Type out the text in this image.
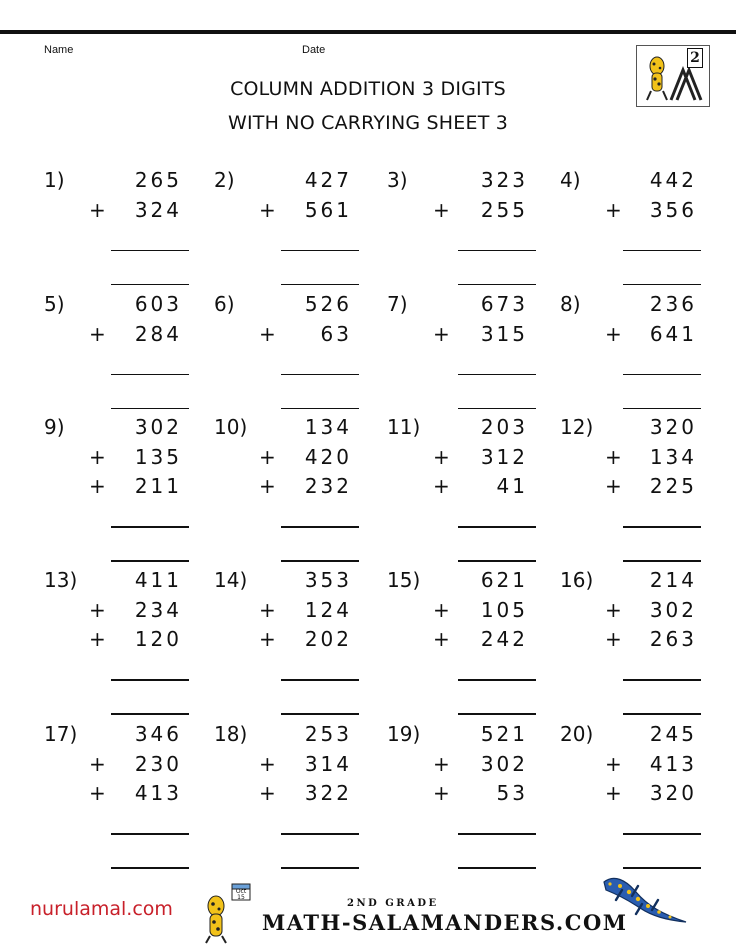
Name	Date
COLUMN ADDITION 3 DIGITS
WITH NO CARRYING SHEET 3
2
1)	265
324
+
2)	427
561
+
3)	323
255
+
4)	442
356
+
5)	603
284
+
6)	526
63
+
7)	673
315
+
8)	236
641
+
9)	302
135
+
211
+
10)	134
420
+
232
+
11)	203
312
+
41
+
12)	320
134
+
225
+
13)	411
234
+
120
+
14)	353
124
+
202
+
15)	621
105
+
242
+
16)	214
302
+
263
+
17)	346
230
+
413
+
18)	253
314
+
322
+
19)	521
302
+
53
+
20)	245
413
+
320
+
nurulamal.com
Oct 15
2ND GRADE
MATH-SALAMANDERS.COM
